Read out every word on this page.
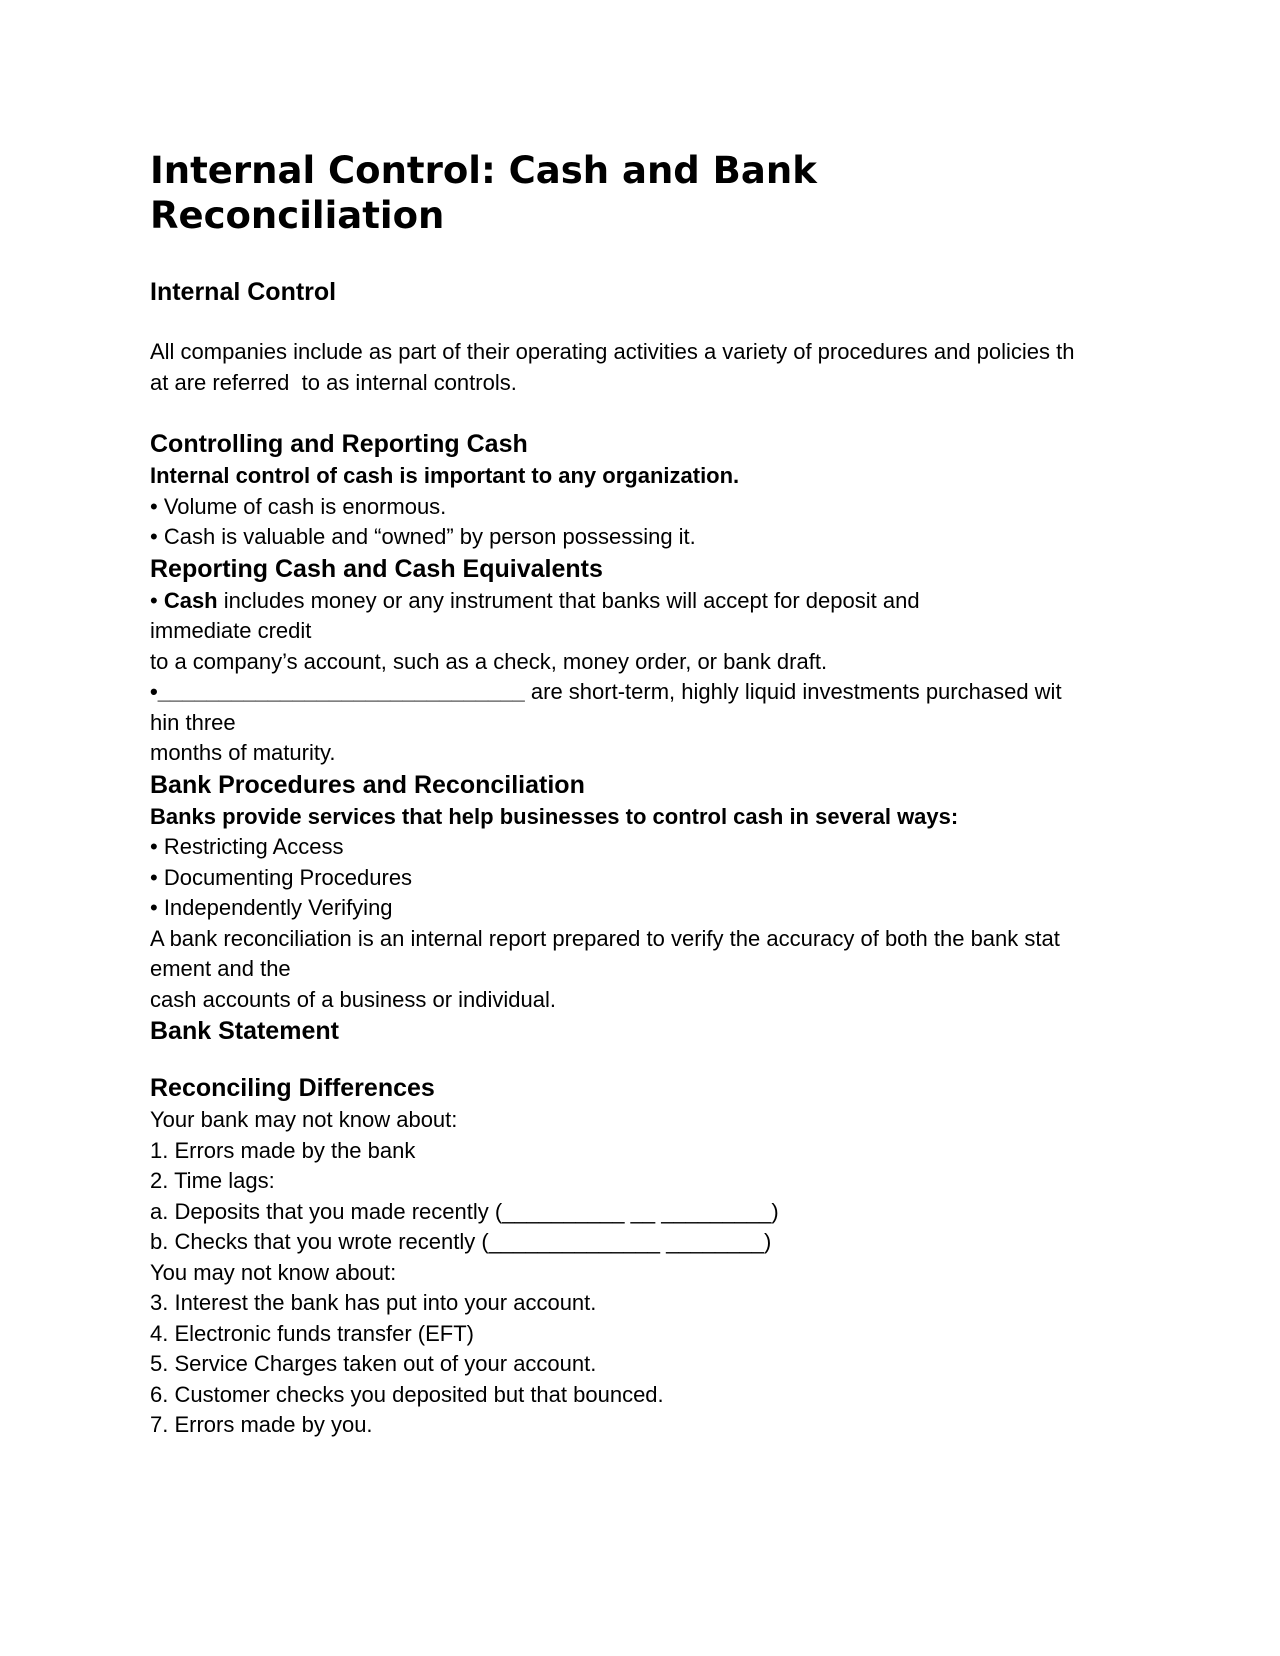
Internal Control: Cash and Bank
Reconciliation
Internal Control
All companies include as part of their operating activities a variety of procedures and policies th
at are referred  to as internal controls.
Controlling and Reporting Cash
Internal control of cash is important to any organization.
• Volume of cash is enormous.
• Cash is valuable and “owned” by person possessing it.
Reporting Cash and Cash Equivalents
• Cash includes money or any instrument that banks will accept for deposit and
immediate credit
to a company’s account, such as a check, money order, or bank draft.
•______________________________ are short-term, highly liquid investments purchased wit
hin three
months of maturity.
Bank Procedures and Reconciliation
Banks provide services that help businesses to control cash in several ways:
• Restricting Access
• Documenting Procedures
• Independently Verifying
A bank reconciliation is an internal report prepared to verify the accuracy of both the bank stat
ement and the
cash accounts of a business or individual.
Bank Statement
Reconciling Differences
Your bank may not know about:
1. Errors made by the bank
2. Time lags:
a. Deposits that you made recently (__________ __ _________)
b. Checks that you wrote recently (______________ ________)
You may not know about:
3. Interest the bank has put into your account.
4. Electronic funds transfer (EFT)
5. Service Charges taken out of your account.
6. Customer checks you deposited but that bounced.
7. Errors made by you.
